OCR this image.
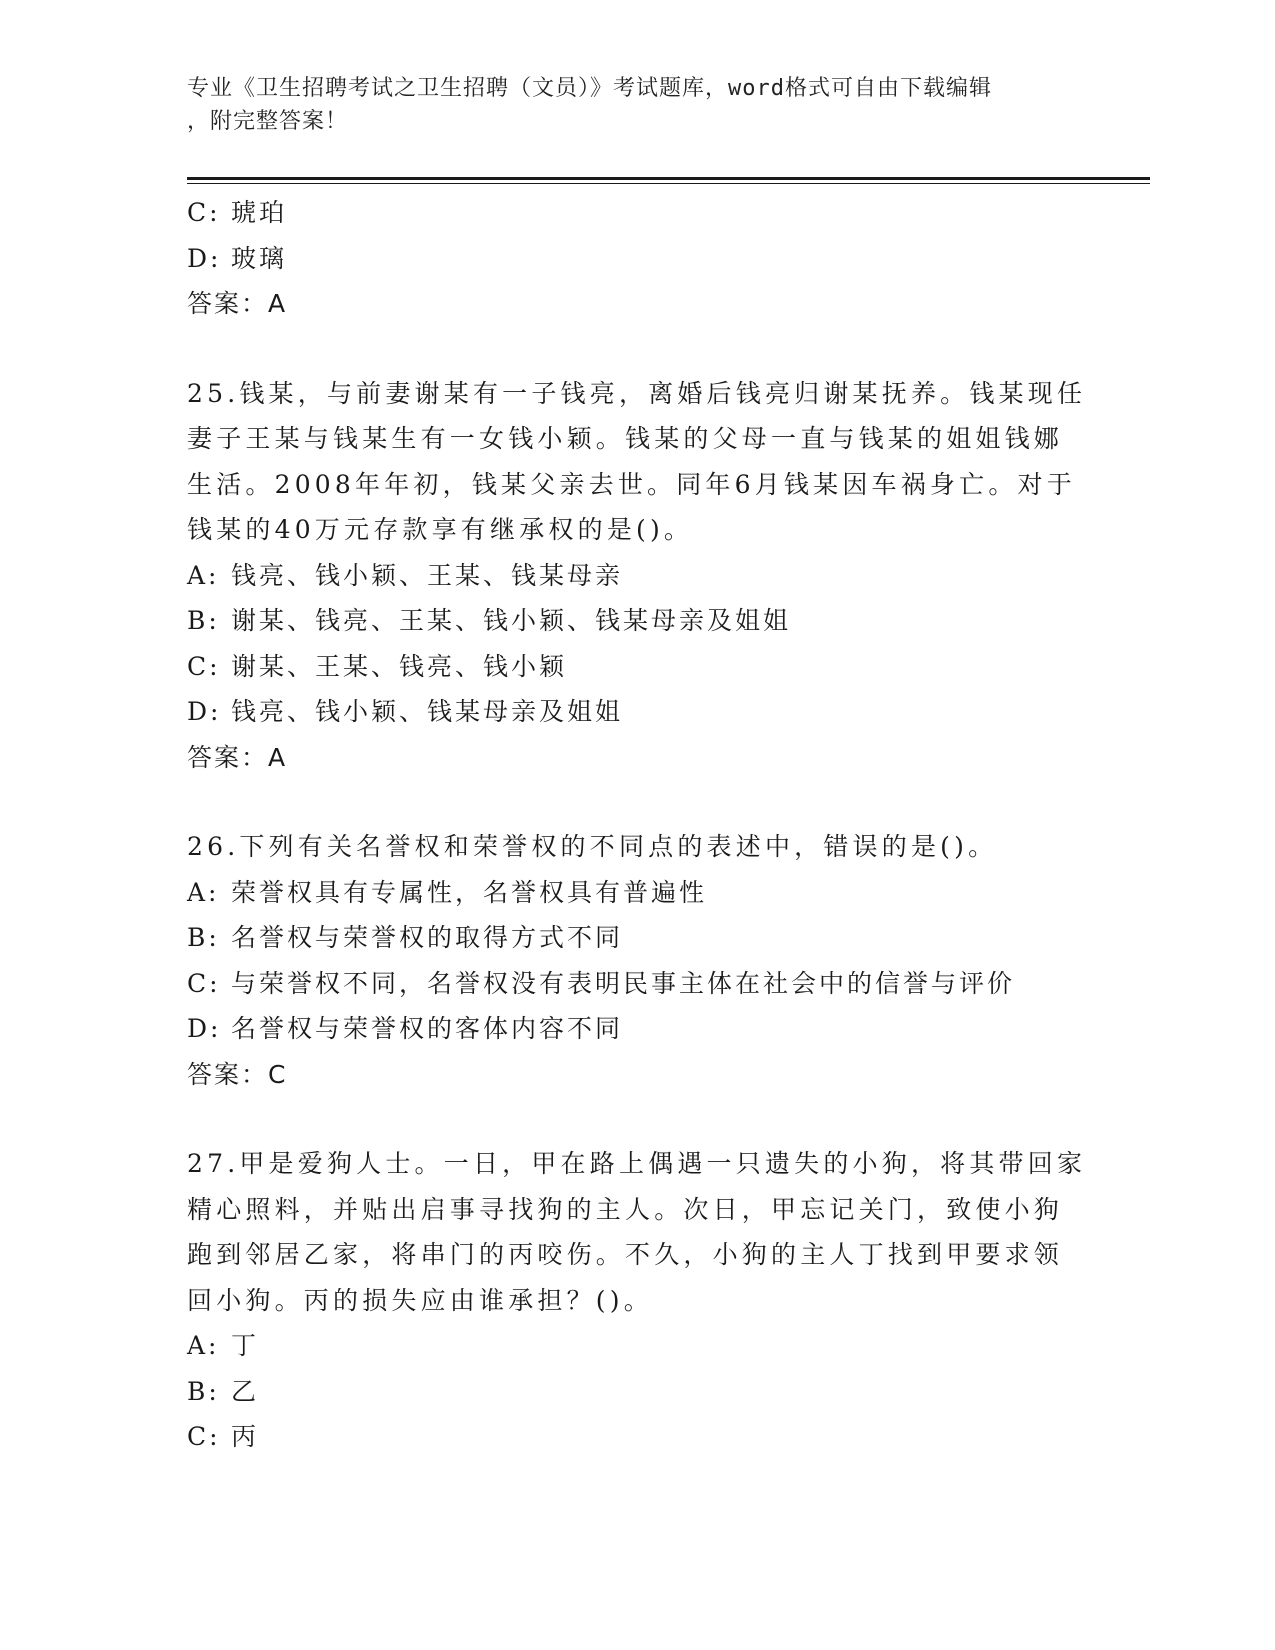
专业《卫生招聘考试之卫生招聘（文员）》考试题库，word格式可自由下载编辑
，附完整答案！
C: 琥珀
D: 玻璃
答案：A
25.钱某，与前妻谢某有一子钱亮，离婚后钱亮归谢某抚养。钱某现任
妻子王某与钱某生有一女钱小颖。钱某的父母一直与钱某的姐姐钱娜
生活。2008年年初，钱某父亲去世。同年6月钱某因车祸身亡。对于
钱某的40万元存款享有继承权的是()。
A: 钱亮、钱小颖、王某、钱某母亲
B: 谢某、钱亮、王某、钱小颖、钱某母亲及姐姐
C: 谢某、王某、钱亮、钱小颖
D: 钱亮、钱小颖、钱某母亲及姐姐
答案：A
26.下列有关名誉权和荣誉权的不同点的表述中，错误的是()。
A: 荣誉权具有专属性，名誉权具有普遍性
B: 名誉权与荣誉权的取得方式不同
C: 与荣誉权不同，名誉权没有表明民事主体在社会中的信誉与评价
D: 名誉权与荣誉权的客体内容不同
答案：C
27.甲是爱狗人士。一日，甲在路上偶遇一只遗失的小狗，将其带回家
精心照料，并贴出启事寻找狗的主人。次日，甲忘记关门，致使小狗
跑到邻居乙家，将串门的丙咬伤。不久，小狗的主人丁找到甲要求领
回小狗。丙的损失应由谁承担？()。
A: 丁
B: 乙
C: 丙
